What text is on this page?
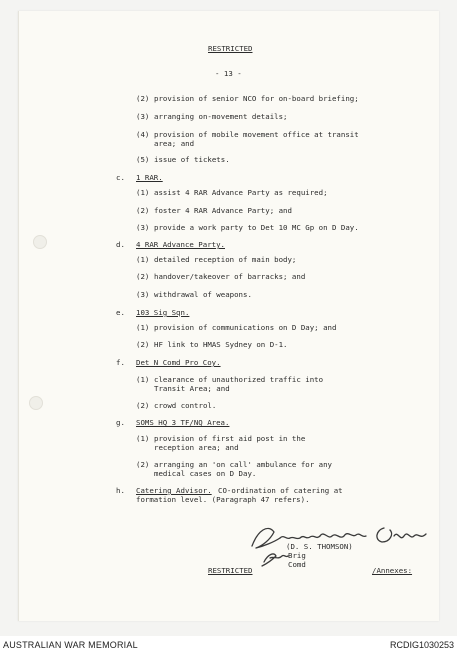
RESTRICTED
- 13 -
(2) provision of senior NCO for on-board briefing;
(3) arranging on-movement details;
(4) provision of mobile movement office at transit
area; and
(5) issue of tickets.
c. 1 RAR.
(1) assist 4 RAR Advance Party as required;
(2) foster 4 RAR Advance Party; and
(3) provide a work party to Det 10 MC Gp on D Day.
d. 4 RAR Advance Party.
(1) detailed reception of main body;
(2) handover/takeover of barracks; and
(3) withdrawal of weapons.
e. 103 Sig Sqn.
(1) provision of communications on D Day; and
(2) HF link to HMAS Sydney on D-1.
f. Det N Comd Pro Coy.
(1) clearance of unauthorized traffic into
Transit Area; and
(2) crowd control.
g. SOMS HQ 3 TF/NQ Area.
(1) provision of first aid post in the
reception area; and
(2) arranging an 'on call' ambulance for any
medical cases on D Day.
h. Catering Advisor. CO-ordination of catering at
formation level. (Paragraph 47 refers).
(D. S. THOMSON)
Brig
Comd
RESTRICTED	/Annexes:
AUSTRALIAN WAR MEMORIAL	RCDIG1030253
